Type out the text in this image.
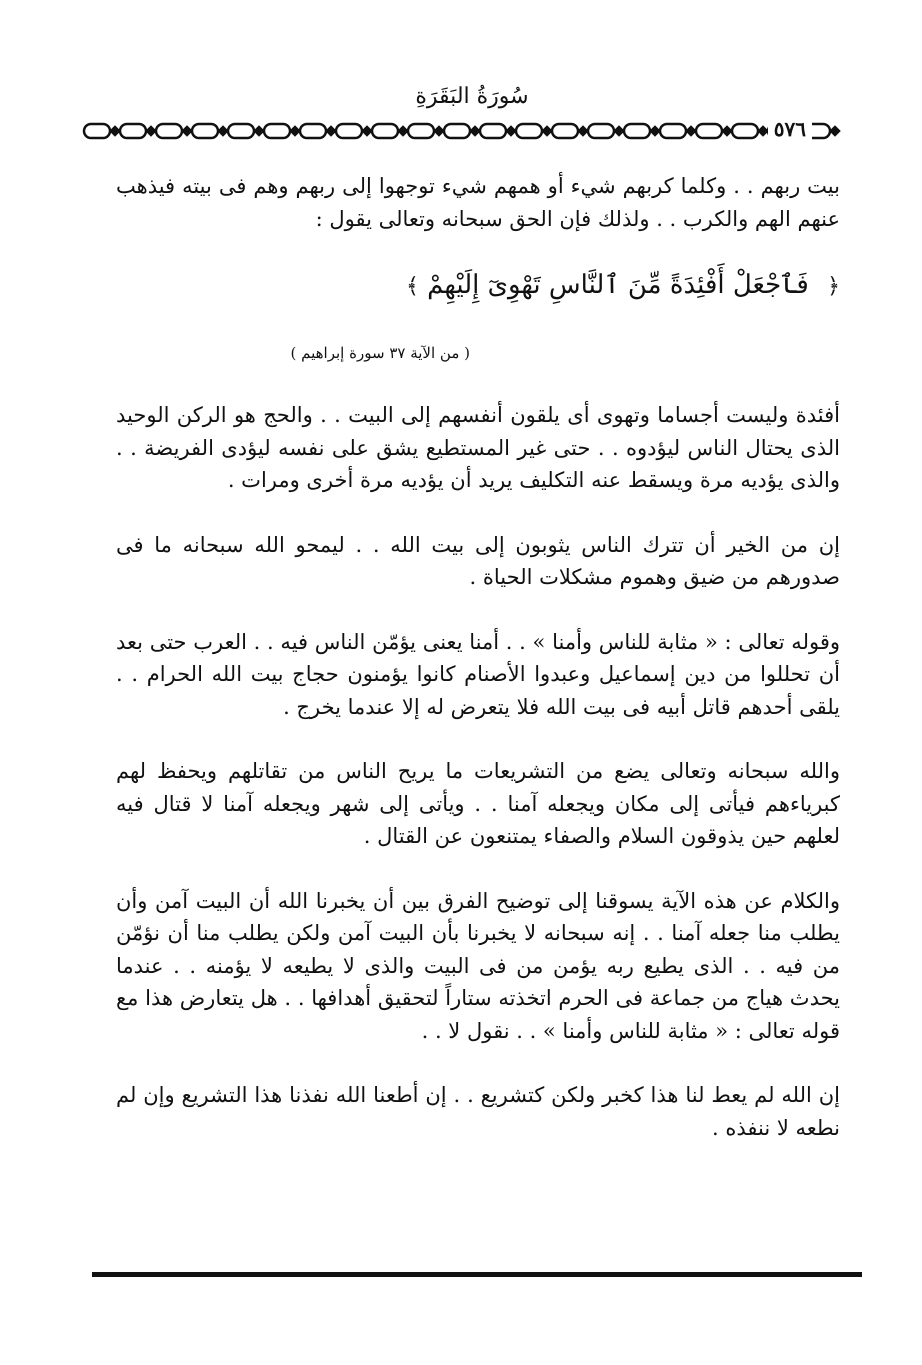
سُورَةُ البَقَرَةِ
٥٧٦

بيت ربهم . . وكلما كربهم شيء أو همهم شيء توجهوا إلى ربهم وهم فى بيته فيذهب عنهم الهم والكرب . . ولذلك فإن الحق سبحانه وتعالى يقول :

﴿ فَٱجْعَلْ أَفْئِدَةً مِّنَ ٱلنَّاسِ تَهْوِىٓ إِلَيْهِمْ ﴾
( من الآية ٣٧ سورة إبراهيم )

أفئدة وليست أجساما وتهوى أى يلقون أنفسهم إلى البيت . . والحج هو الركن الوحيد الذى يحتال الناس ليؤدوه . . حتى غير المستطيع يشق على نفسه ليؤدى الفريضة . . والذى يؤديه مرة ويسقط عنه التكليف يريد أن يؤديه مرة أخرى ومرات .

إن من الخير أن تترك الناس يثوبون إلى بيت الله . . ليمحو الله سبحانه ما فى صدورهم من ضيق وهموم مشكلات الحياة .

وقوله تعالى : « مثابة للناس وأمنا » . . أمنا يعنى يؤمّن الناس فيه . . العرب حتى بعد أن تحللوا من دين إسماعيل وعبدوا الأصنام كانوا يؤمنون حجاج بيت الله الحرام . . يلقى أحدهم قاتل أبيه فى بيت الله فلا يتعرض له إلا عندما يخرج .

والله سبحانه وتعالى يضع من التشريعات ما يريح الناس من تقاتلهم ويحفظ لهم كبرياءهم فيأتى إلى مكان ويجعله آمنا . . ويأتى إلى شهر ويجعله آمنا لا قتال فيه لعلهم حين يذوقون السلام والصفاء يمتنعون عن القتال .

والكلام عن هذه الآية يسوقنا إلى توضيح الفرق بين أن يخبرنا الله أن البيت آمن وأن يطلب منا جعله آمنا . . إنه سبحانه لا يخبرنا بأن البيت آمن ولكن يطلب منا أن نؤمّن من فيه . . الذى يطيع ربه يؤمن من فى البيت والذى لا يطيعه لا يؤمنه . . عندما يحدث هياج من جماعة فى الحرم اتخذته ستاراً لتحقيق أهدافها . . هل يتعارض هذا مع قوله تعالى : « مثابة للناس وأمنا » . . نقول لا . .

إن الله لم يعط لنا هذا كخبر ولكن كتشريع . . إن أطعنا الله نفذنا هذا التشريع وإن لم نطعه لا ننفذه .
